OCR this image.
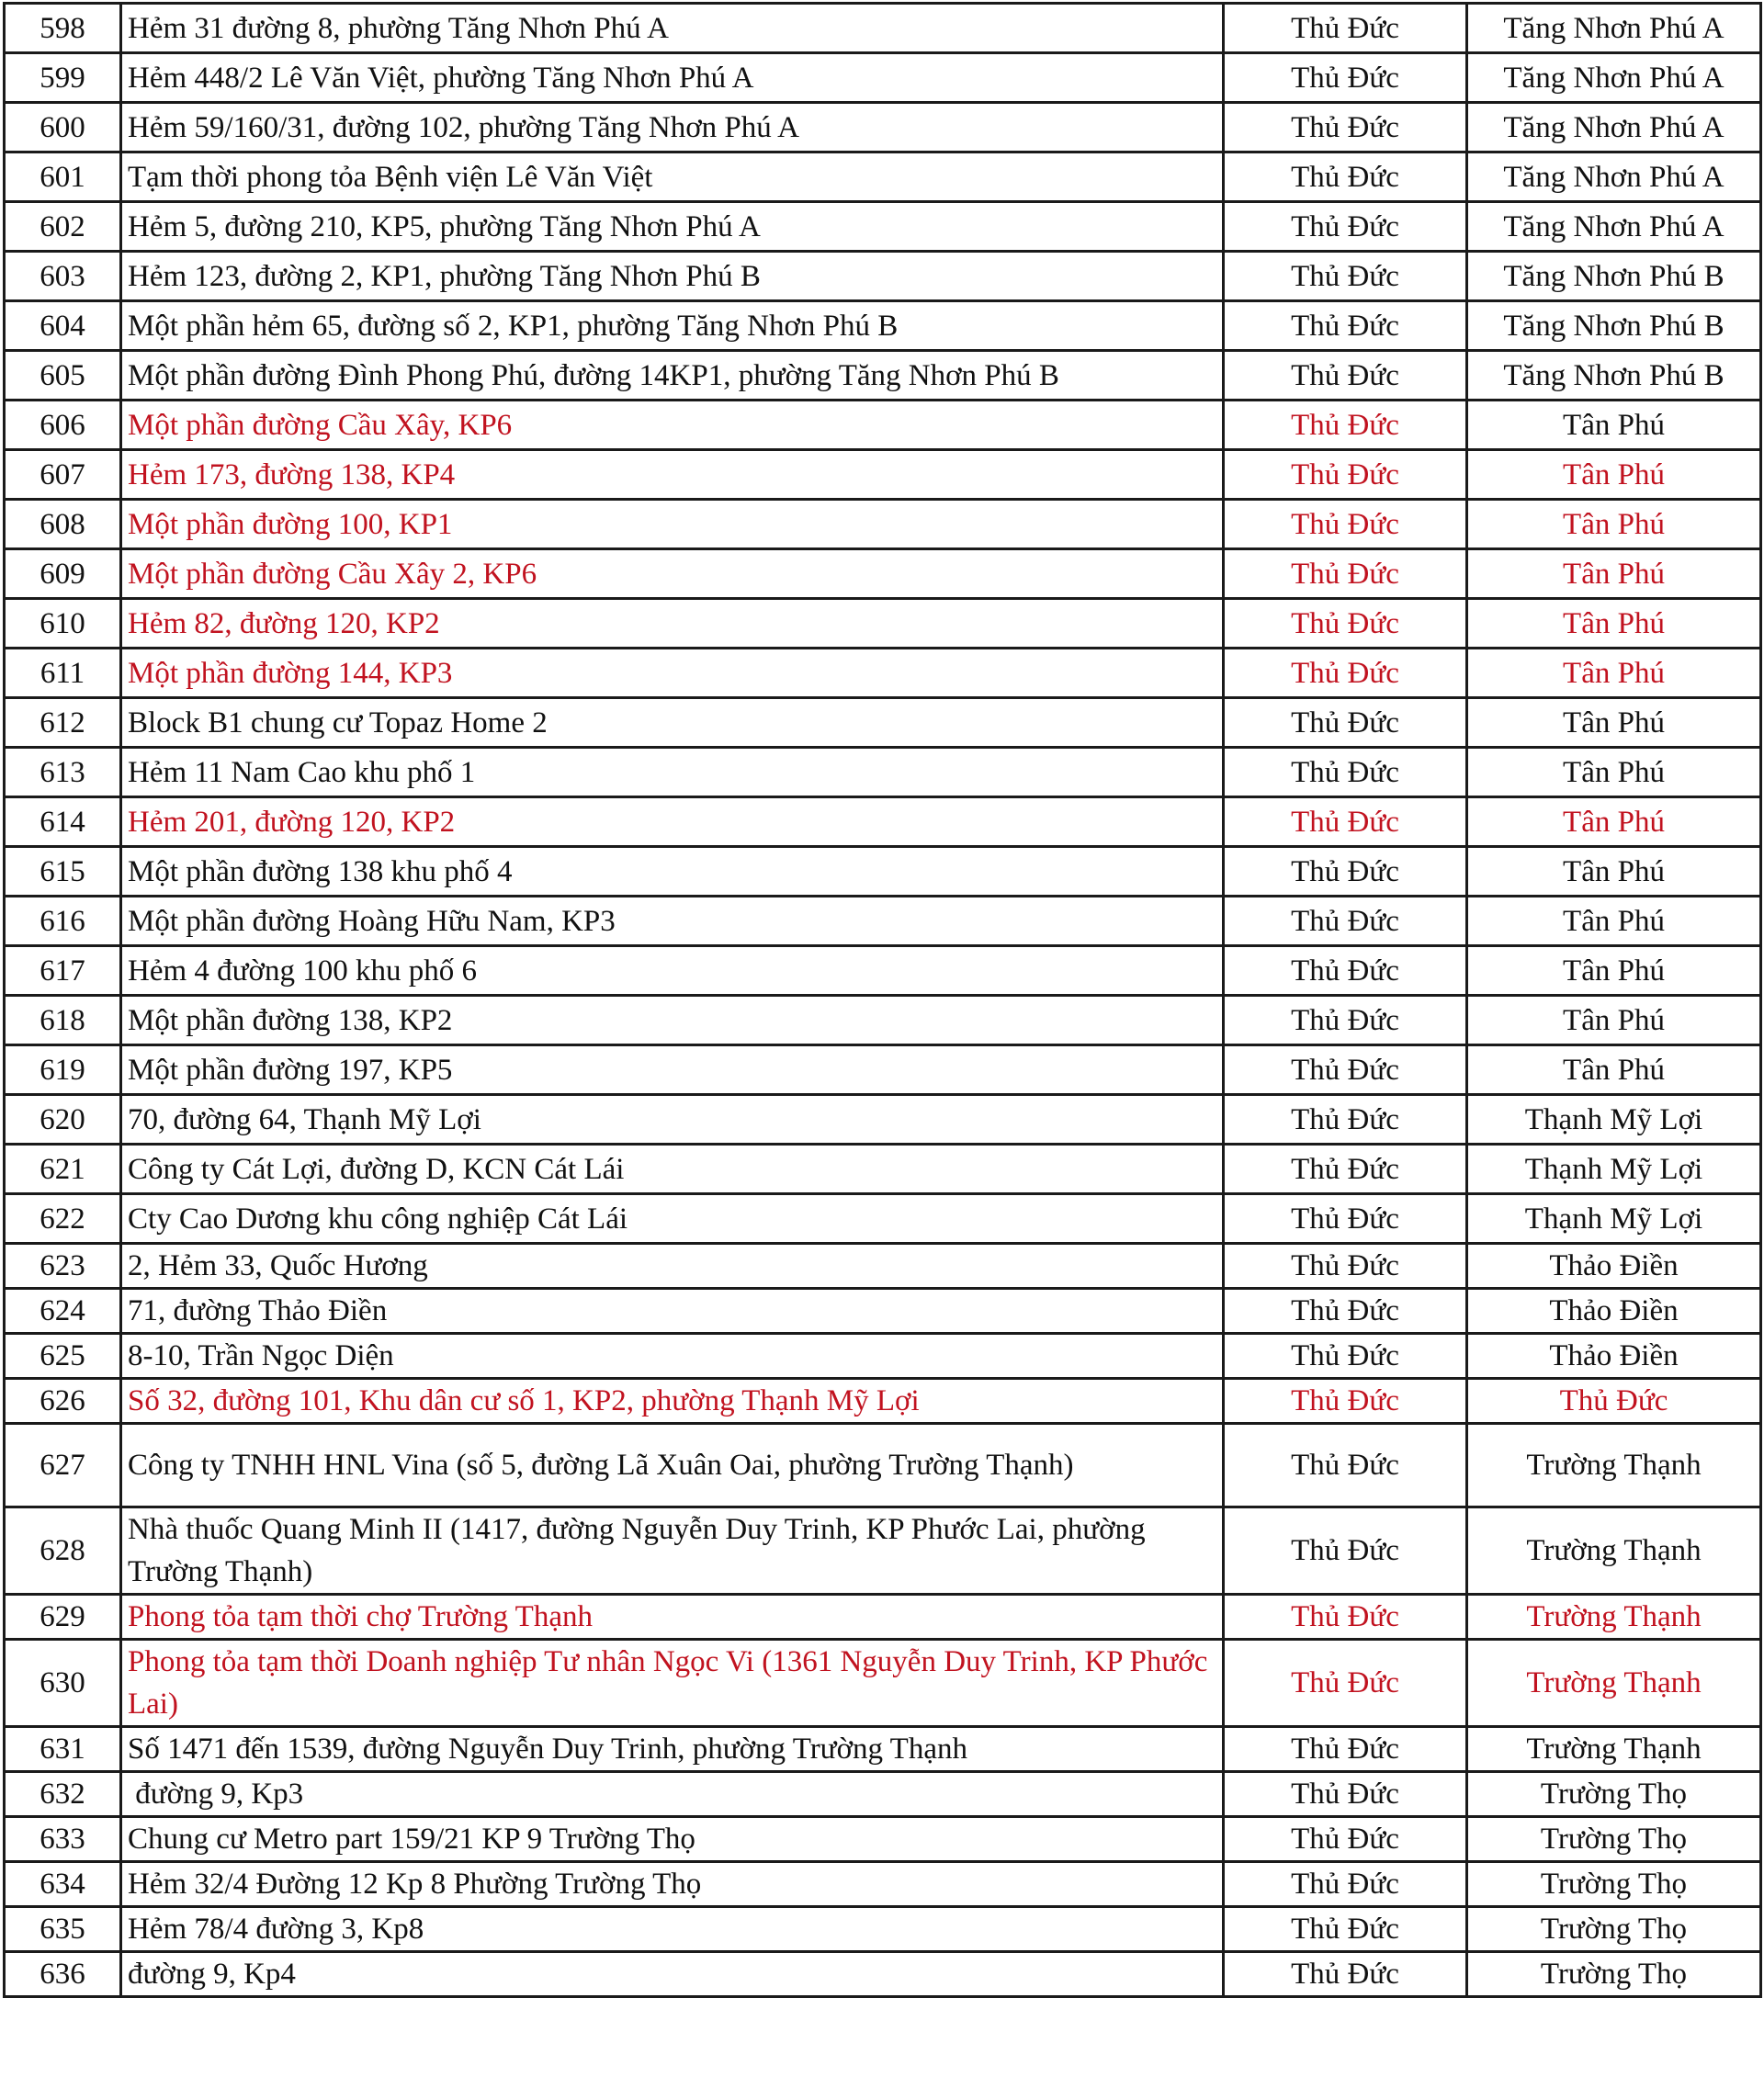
598	Hẻm 31 đường 8, phường Tăng Nhơn Phú A	Thủ Đức	Tăng Nhơn Phú A
599	Hẻm 448/2 Lê Văn Việt, phường Tăng Nhơn Phú A	Thủ Đức	Tăng Nhơn Phú A
600	Hẻm 59/160/31, đường 102, phường Tăng Nhơn Phú A	Thủ Đức	Tăng Nhơn Phú A
601	Tạm thời phong tỏa Bệnh viện Lê Văn Việt	Thủ Đức	Tăng Nhơn Phú A
602	Hẻm 5, đường 210, KP5, phường Tăng Nhơn Phú A	Thủ Đức	Tăng Nhơn Phú A
603	Hẻm 123, đường 2, KP1, phường Tăng Nhơn Phú B	Thủ Đức	Tăng Nhơn Phú B
604	Một phần hẻm 65, đường số 2, KP1, phường Tăng Nhơn Phú B	Thủ Đức	Tăng Nhơn Phú B
605	Một phần đường Đình Phong Phú, đường 14KP1, phường Tăng Nhơn Phú B	Thủ Đức	Tăng Nhơn Phú B
606	Một phần đường Cầu Xây, KP6	Thủ Đức	Tân Phú
607	Hẻm 173, đường 138, KP4	Thủ Đức	Tân Phú
608	Một phần đường 100, KP1	Thủ Đức	Tân Phú
609	Một phần đường Cầu Xây 2, KP6	Thủ Đức	Tân Phú
610	Hẻm 82, đường 120, KP2	Thủ Đức	Tân Phú
611	Một phần đường 144, KP3	Thủ Đức	Tân Phú
612	Block B1 chung cư Topaz Home 2	Thủ Đức	Tân Phú
613	Hẻm 11 Nam Cao khu phố 1	Thủ Đức	Tân Phú
614	Hẻm 201, đường 120, KP2	Thủ Đức	Tân Phú
615	Một phần đường 138 khu phố 4	Thủ Đức	Tân Phú
616	Một phần đường Hoàng Hữu Nam, KP3	Thủ Đức	Tân Phú
617	Hẻm 4 đường 100 khu phố 6	Thủ Đức	Tân Phú
618	Một phần đường 138, KP2	Thủ Đức	Tân Phú
619	Một phần đường 197, KP5	Thủ Đức	Tân Phú
620	70, đường 64, Thạnh Mỹ Lợi	Thủ Đức	Thạnh Mỹ Lợi
621	Công ty Cát Lợi, đường D, KCN Cát Lái	Thủ Đức	Thạnh Mỹ Lợi
622	Cty Cao Dương khu công nghiệp Cát Lái	Thủ Đức	Thạnh Mỹ Lợi
623	2, Hẻm 33, Quốc Hương	Thủ Đức	Thảo Điền
624	71, đường Thảo Điền	Thủ Đức	Thảo Điền
625	8-10, Trần Ngọc Diện	Thủ Đức	Thảo Điền
626	Số 32, đường 101, Khu dân cư số 1, KP2, phường Thạnh Mỹ Lợi	Thủ Đức	Thủ Đức
627	Công ty TNHH HNL Vina (số 5, đường Lã Xuân Oai, phường Trường Thạnh)	Thủ Đức	Trường Thạnh
628	Nhà thuốc Quang Minh II (1417, đường Nguyễn Duy Trinh, KP Phước Lai, phường Trường Thạnh)	Thủ Đức	Trường Thạnh
629	Phong tỏa tạm thời chợ Trường Thạnh	Thủ Đức	Trường Thạnh
630	Phong tỏa tạm thời Doanh nghiệp Tư nhân Ngọc Vi (1361 Nguyễn Duy Trinh, KP Phước Lai)	Thủ Đức	Trường Thạnh
631	Số 1471 đến 1539, đường Nguyễn Duy Trinh, phường Trường Thạnh	Thủ Đức	Trường Thạnh
632	đường 9, Kp3	Thủ Đức	Trường Thọ
633	Chung cư Metro part 159/21 KP 9 Trường Thọ	Thủ Đức	Trường Thọ
634	Hẻm 32/4 Đường 12 Kp 8 Phường Trường Thọ	Thủ Đức	Trường Thọ
635	Hẻm 78/4 đường 3, Kp8	Thủ Đức	Trường Thọ
636	đường 9, Kp4	Thủ Đức	Trường Thọ
